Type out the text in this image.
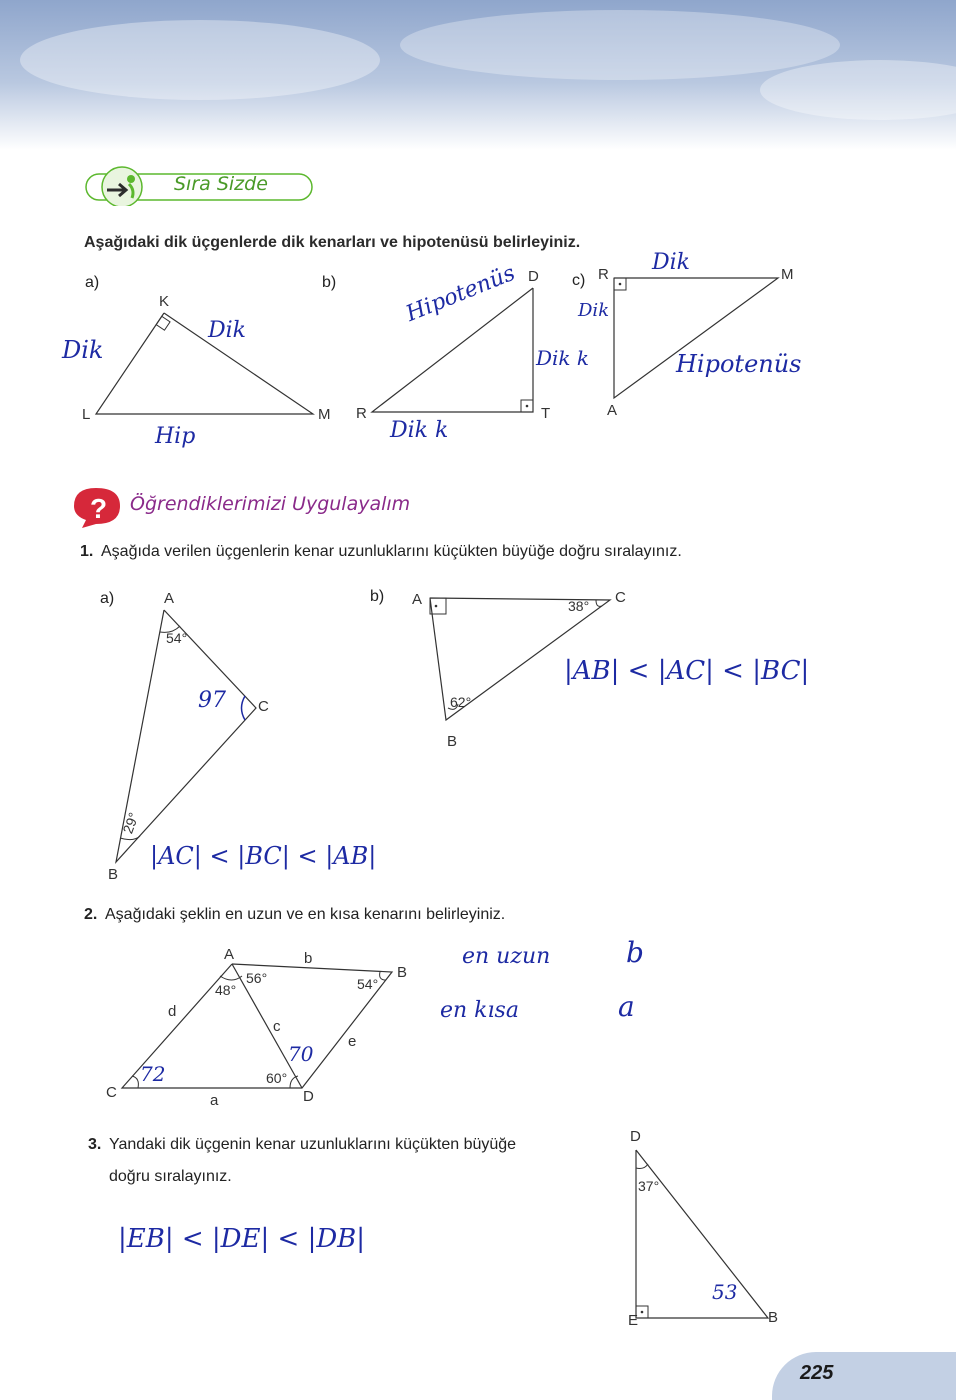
Sıra Sizde
Aşağıdaki dik üçgenlerde dik kenarları ve hipotenüsü belirleyiniz.
a)	b)	c)
K
L	M
Dik
Dik
Hip
D
R	T
Hipotenüs
Dik k
Dik k
R	M
A
Dik
Dik
Hipotenüs
? Öğrendiklerimizi Uygulayalım
1. Aşağıda verilen üçgenlerin kenar uzunluklarını küçükten büyüğe doğru sıralayınız.
a)	A
B
C
54°
29°
97
|AC| < |BC| < |AB|
b) A	C
B
38°
62°
|AB| < |AC| < |BC|
2. Aşağıdaki şeklin en uzun ve en kısa kenarını belirleyiniz.
A
B
C	D
b
d
c
e
a
56°
48°	54°
60°
72
70
en uzun	b
en kısa	a
3. Yandaki dik üçgenin kenar uzunluklarını küçükten büyüğe
doğru sıralayınız.
|EB| < |DE| < |DB|
D
E	B
37°
53
225
